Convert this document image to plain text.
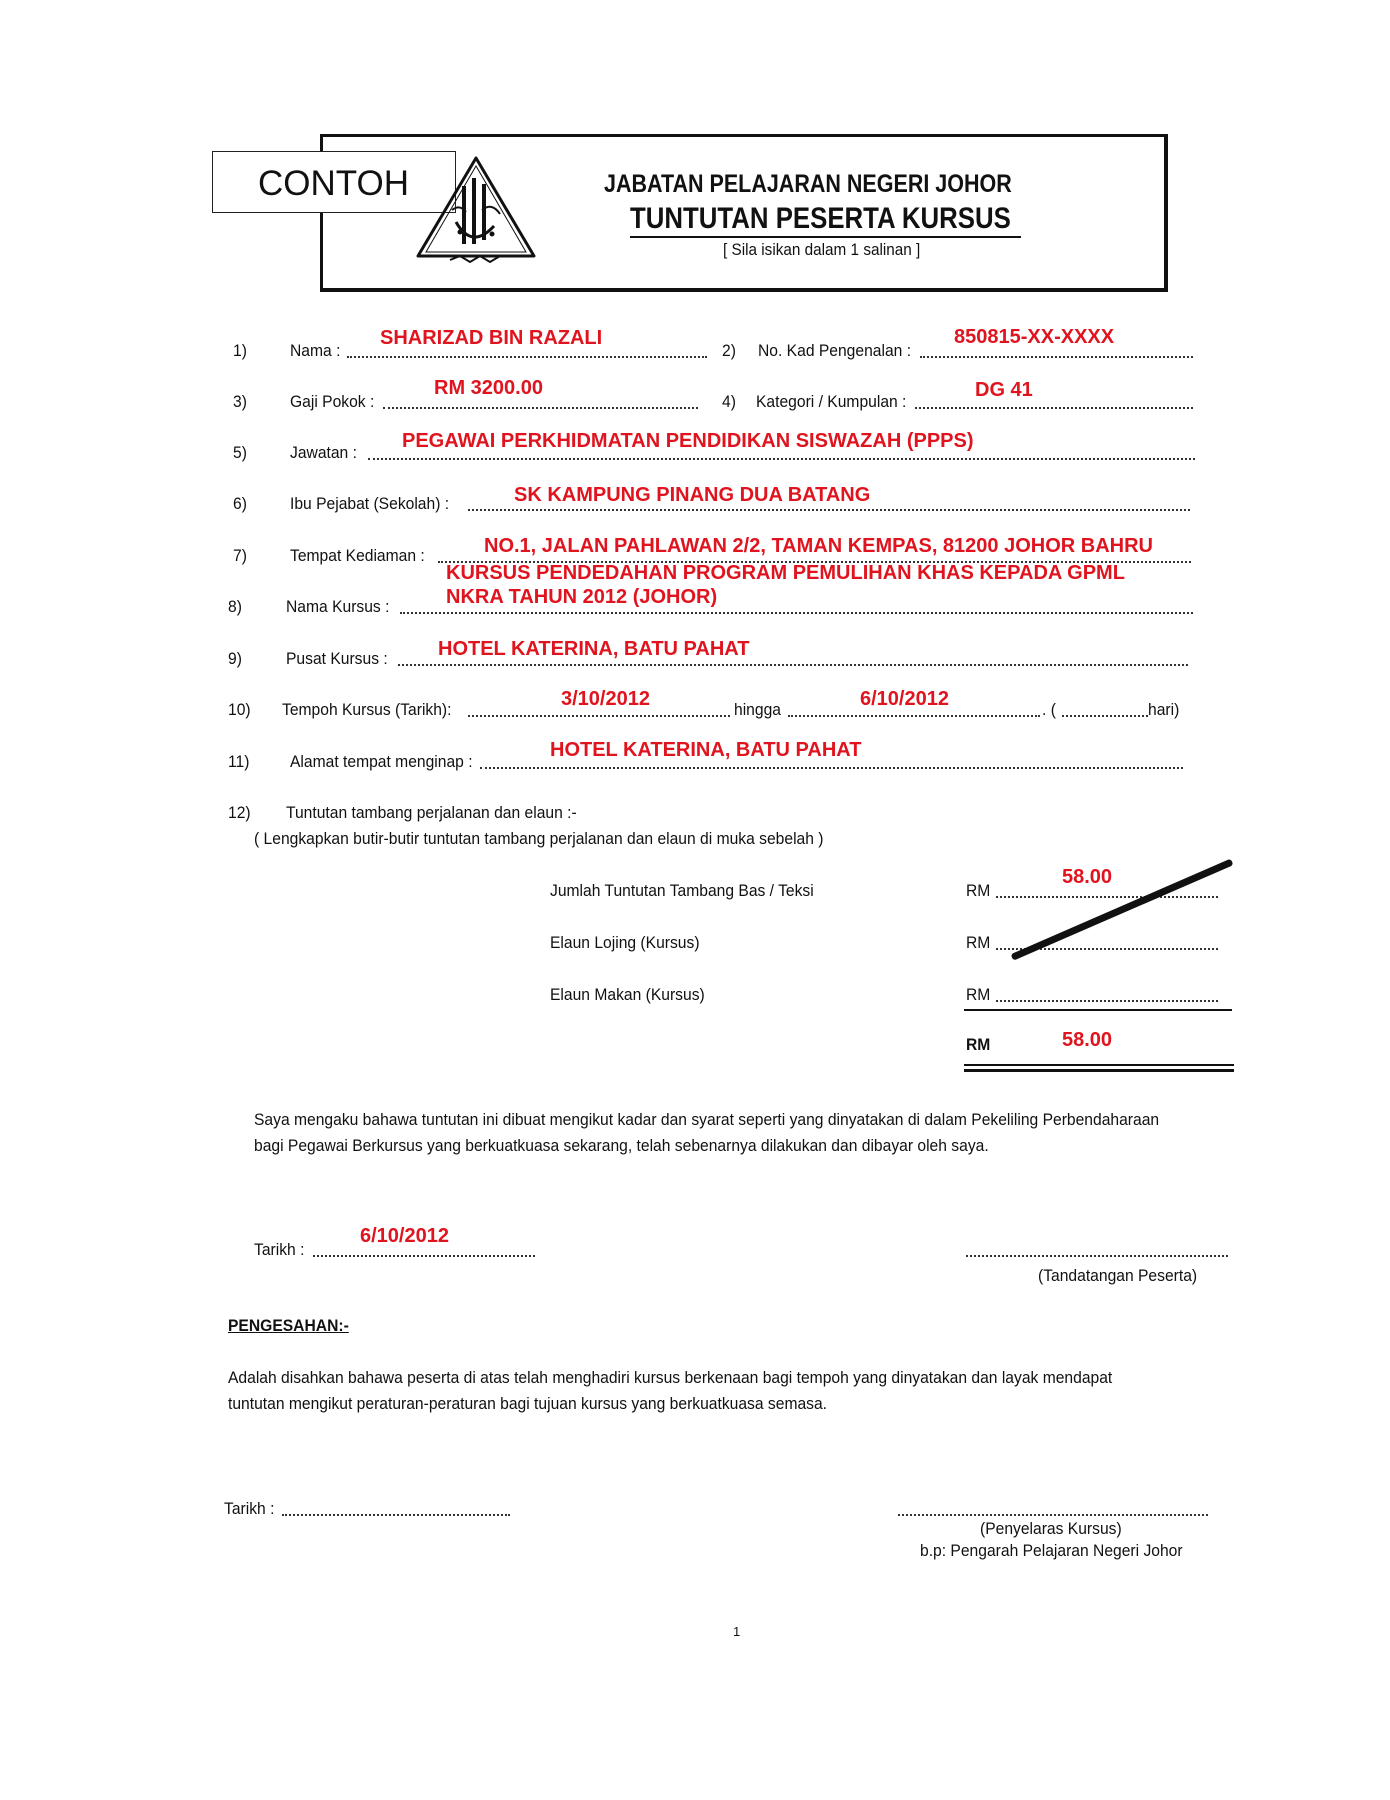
CONTOH	JABATAN PELAJARAN NEGERI JOHOR
TUNTUTAN PESERTA KURSUS
[ Sila isikan dalam 1 salinan ]
1)	Nama :
SHARIZAD BIN RAZALI
2) No. Kad Pengenalan :
850815-XX-XXXX
3)	Gaji Pokok :
RM 3200.00
4) Kategori / Kumpulan :
DG 41
5)	Jawatan :
PEGAWAI PERKHIDMATAN PENDIDIKAN SISWAZAH (PPPS)
6)	Ibu Pejabat (Sekolah) :	SK KAMPUNG PINANG DUA BATANG
7)	Tempat Kediaman :	NO.1, JALAN PAHLAWAN 2/2, TAMAN KEMPAS, 81200 JOHOR BAHRU
8)	Nama Kursus :
KURSUS PENDEDAHAN PROGRAM PEMULIHAN KHAS KEPADA GPML
NKRA TAHUN 2012 (JOHOR)
9)	Pusat Kursus :	HOTEL KATERINA, BATU PAHAT
10) Tempoh Kursus (Tarikh):	3/10/2012	hingga	6/10/2012	. (	hari)
11) Alamat tempat menginap :
HOTEL KATERINA, BATU PAHAT
12) Tuntutan tambang perjalanan dan elaun :-
( Lengkapkan butir-butir tuntutan tambang perjalanan dan elaun di muka sebelah )
Jumlah Tuntutan Tambang Bas / Teksi	RM
58.00
Elaun Lojing (Kursus)	RM
Elaun Makan (Kursus)	RM
RM	58.00
Saya mengaku bahawa tuntutan ini dibuat mengikut kadar dan syarat seperti yang dinyatakan di dalam Pekeliling Perbendaharaan
bagi Pegawai Berkursus yang berkuatkuasa sekarang, telah sebenarnya dilakukan dan dibayar oleh saya.
Tarikh :
6/10/2012
(Tandatangan Peserta)
PENGESAHAN:-
Adalah disahkan bahawa peserta di atas telah menghadiri kursus berkenaan bagi tempoh yang dinyatakan dan layak mendapat
tuntutan mengikut peraturan-peraturan bagi tujuan kursus yang berkuatkuasa semasa.
Tarikh :
(Penyelaras Kursus)
b.p: Pengarah Pelajaran Negeri Johor
1
